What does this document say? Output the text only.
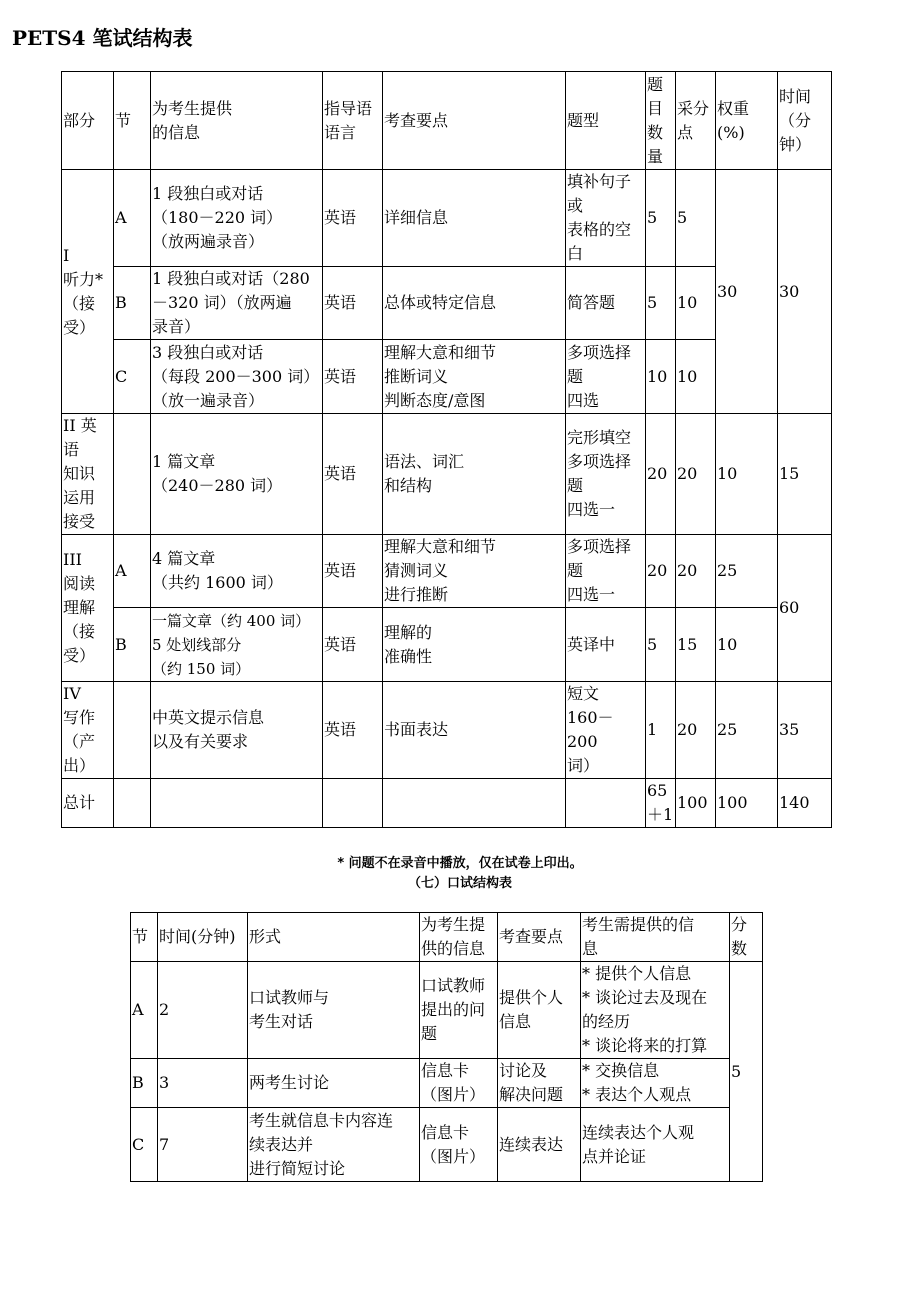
PETS4 笔试结构表
部分	节	为考生提供
的信息	指导语
语言	考查要点	题型	题
目
数
量	采分
点	权重(%)	时间
（分
钟）
I
听力*
（接
受）	A	1 段独白或对话
（180－220 词）
（放两遍录音）	英语	详细信息	填补句子
或
表格的空
白	5	5	30	30
	B	1 段独白或对话（280
－320 词）（放两遍
录音）	英语	总体或特定信息	简答题	5	10		
	C	3 段独白或对话
（每段 200－300 词）
（放一遍录音）	英语	理解大意和细节
推断词义
判断态度/意图	多项选择
题
四选	10	10		
II 英
语
知识
运用
接受		1 篇文章
（240－280 词）	英语	语法、词汇
和结构	完形填空
多项选择
题
四选一	20	20	10	15
III
阅读
理解
（接
受）	A	4 篇文章
（共约 1600 词）	英语	理解大意和细节
猜测词义
进行推断	多项选择
题
四选一	20	20	25	60
	B	一篇文章（约 400 词）
5 处划线部分
（约 150 词）	英语	理解的
准确性	英译中	5	15	10	
IV
写作
（产
出）		中英文提示信息
以及有关要求	英语	书面表达	短文
160－200
词）	1	20	25	35
总计						65
＋1	100	100	140
* 问题不在录音中播放，仅在试卷上印出。
（七）口试结构表
节	时间(分钟)	形式	为考生提
供的信息	考查要点	考生需提供的信
息	分
数
A	2	口试教师与
考生对话	口试教师
提出的问
题	提供个人
信息	* 提供个人信息
* 谈论过去及现在
的经历
* 谈论将来的打算	5
B	3	两考生讨论	信息卡
（图片）	讨论及
解决问题	* 交换信息
* 表达个人观点	
C	7	考生就信息卡内容连
续表达并
进行简短讨论	信息卡
（图片）	连续表达	连续表达个人观
点并论证	
